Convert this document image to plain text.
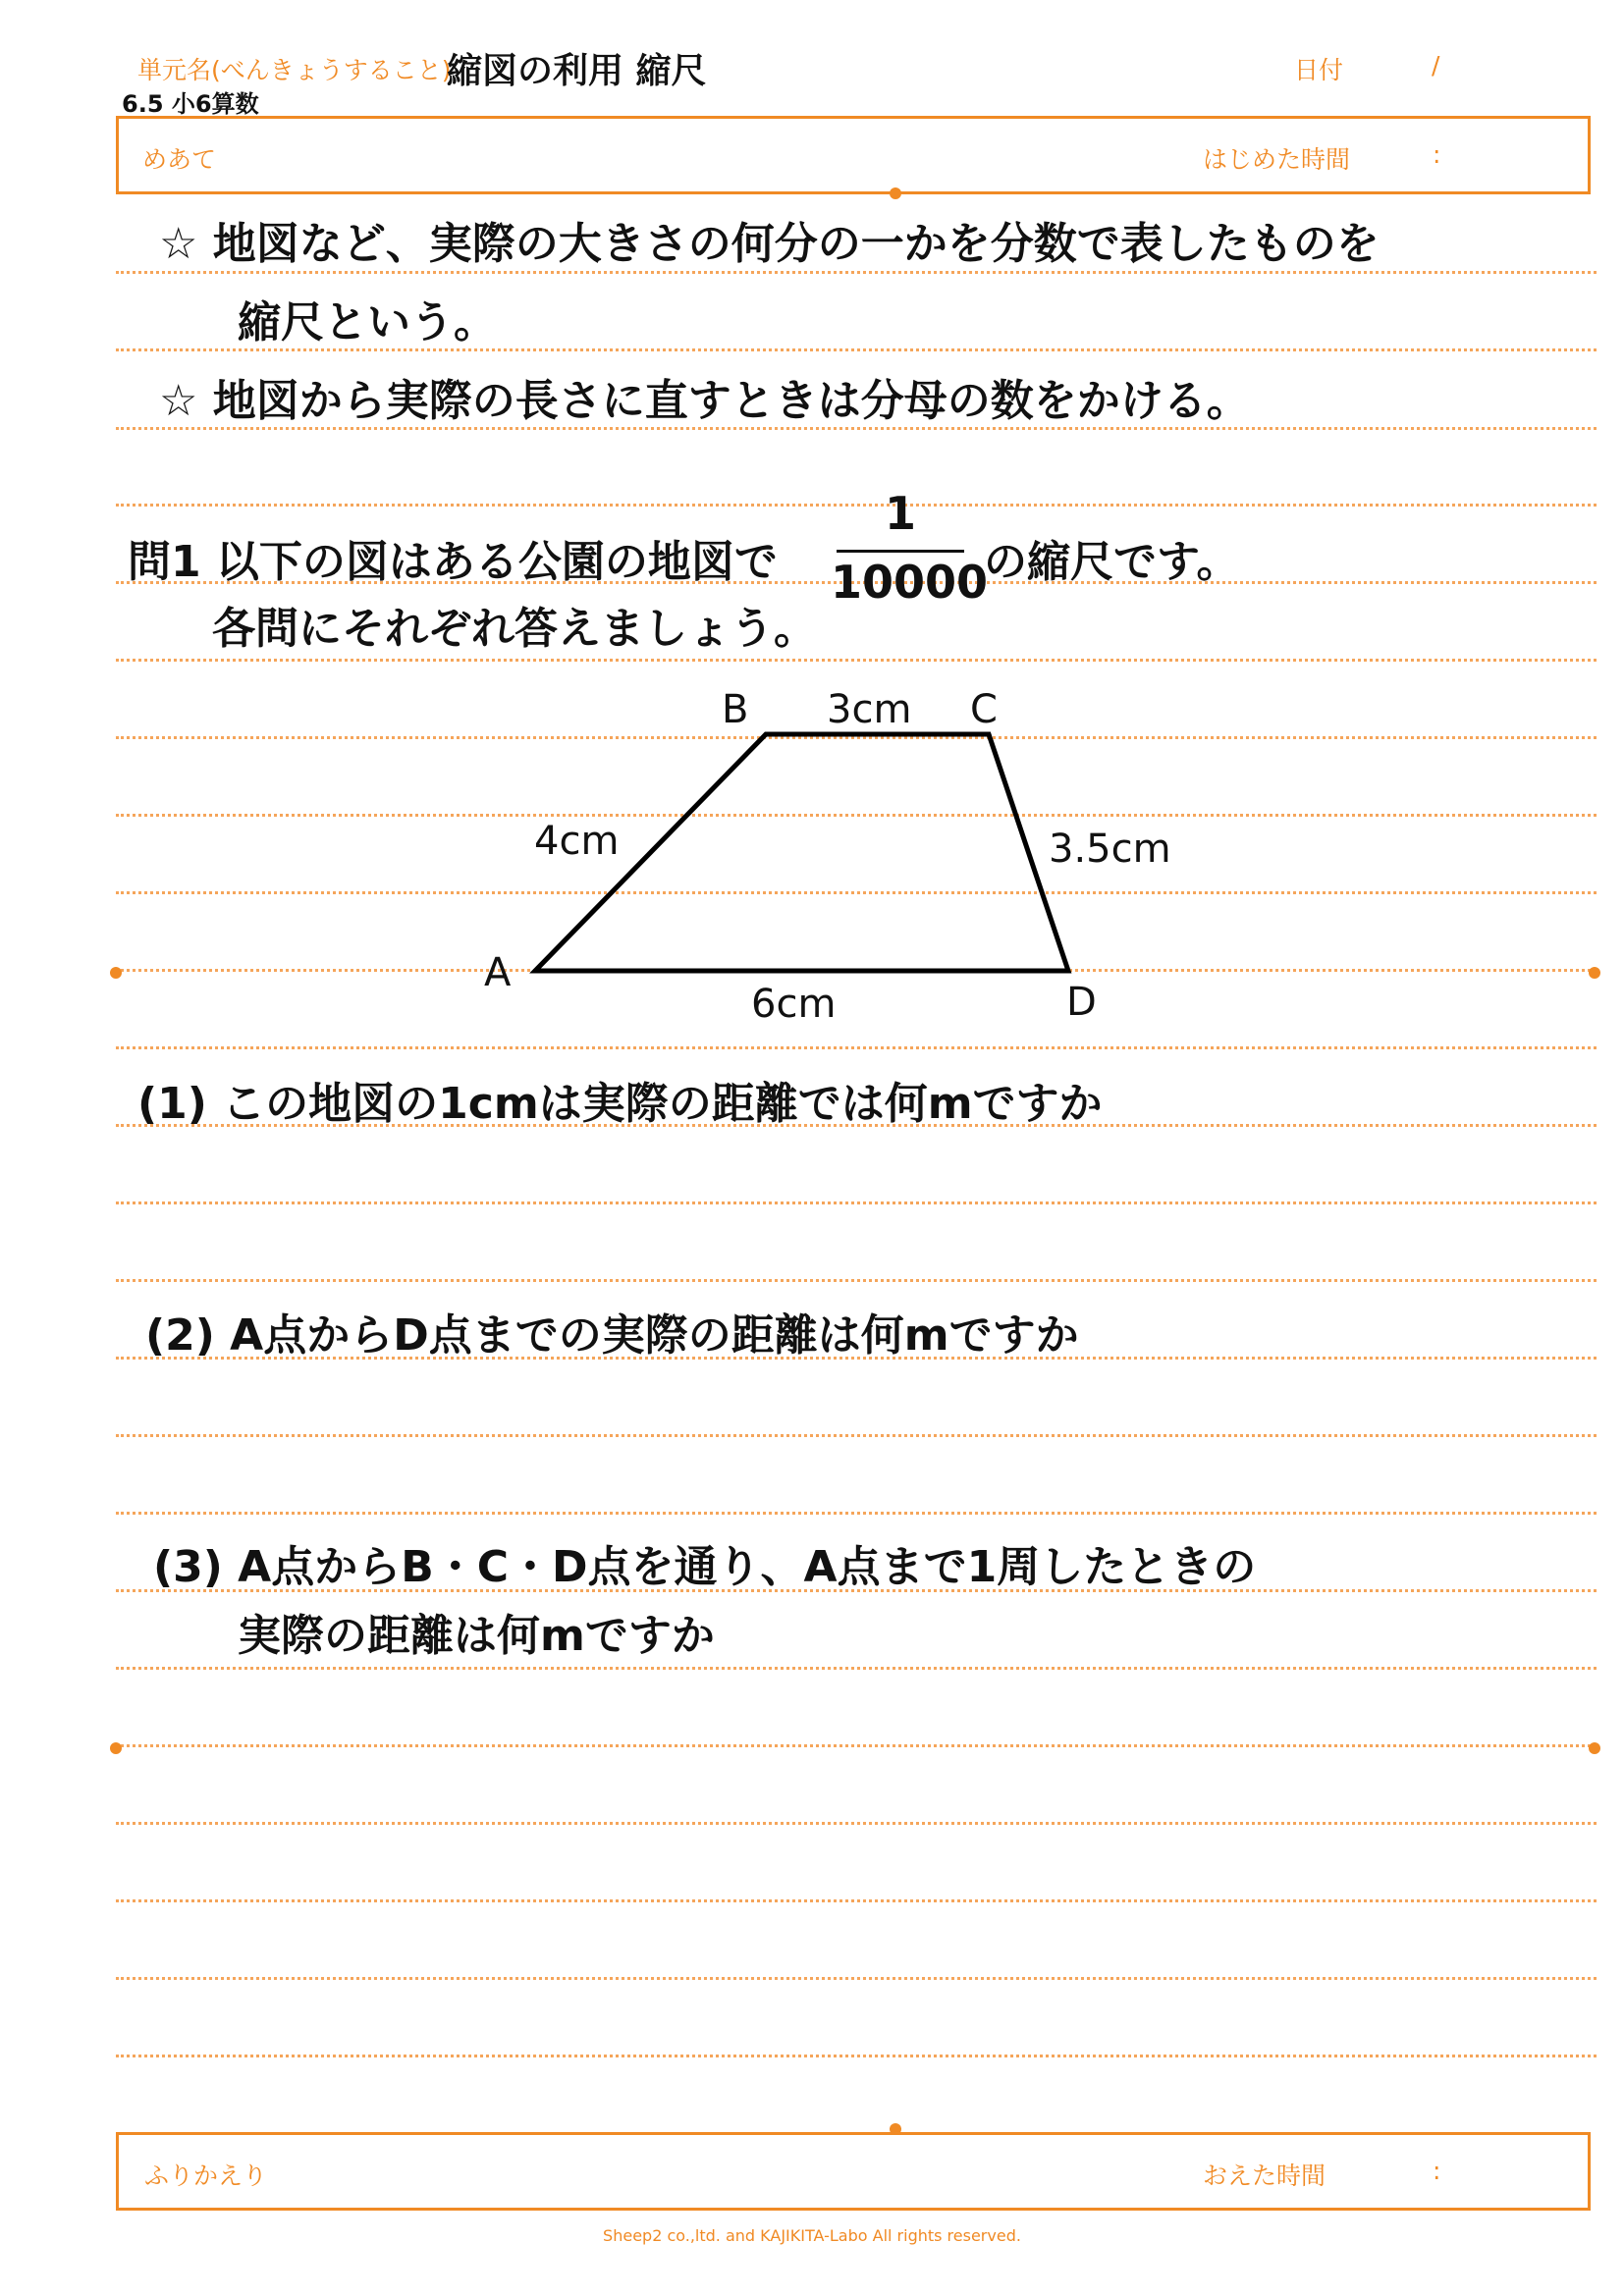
単元名(べんきょうすること)
縮図の利用 縮尺	日付	/
6.5 小6算数
めあて	はじめた時間	:
☆ 地図など、実際の大きさの何分の一かを分数で表したものを
縮尺という。
☆ 地図から実際の長さに直すときは分母の数をかける。
問1 以下の図はある公園の地図で
1
10000
の縮尺です。
各問にそれぞれ答えましょう。
B	C
A
D
3cm
4cm	3.5cm
6cm
(1) この地図の1cmは実際の距離では何mですか
(2) A点からD点までの実際の距離は何mですか
(3) A点からB・C・D点を通り、A点まで1周したときの
実際の距離は何mですか
ふりかえり	おえた時間	:
Sheep2 co.,ltd. and KAJIKITA-Labo All rights reserved.
